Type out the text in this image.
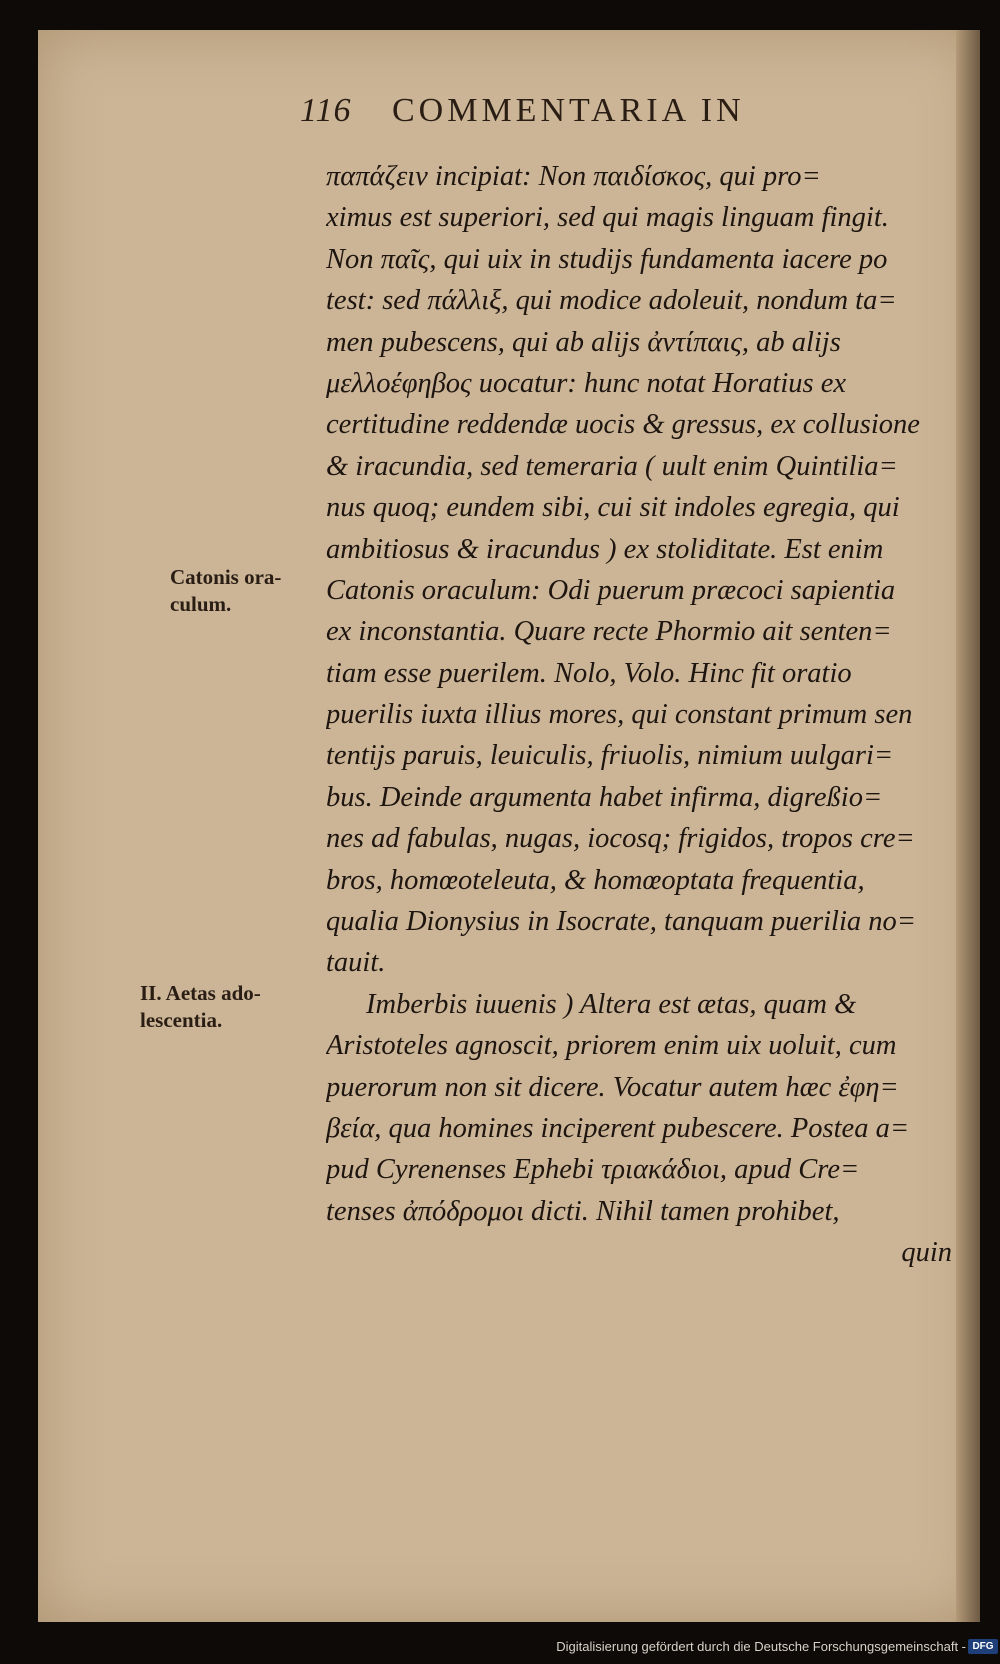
116 COMMENTARIA IN
παπάζειν incipiat: Non παιδίσκος, qui pro=
ximus est superiori, sed qui magis linguam fingit.
Non παῖς, qui uix in studijs fundamenta iacere po
test: sed πάλλιξ, qui modice adoleuit, nondum ta=
men pubescens, qui ab alijs ἀντίπαις, ab alijs
μελλοέφηβος uocatur: hunc notat Horatius ex
certitudine reddendæ uocis & gressus, ex collusione
& iracundia, sed temeraria ( uult enim Quintilia=
nus quoq; eundem sibi, cui sit indoles egregia, qui
ambitiosus & iracundus ) ex stoliditate. Est enim
Catonis oraculum: Odi puerum præcoci sapientia
ex inconstantia. Quare recte Phormio ait senten=
tiam esse puerilem. Nolo, Volo. Hinc fit oratio
puerilis iuxta illius mores, qui constant primum sen
tentijs paruis, leuiculis, friuolis, nimium uulgari=
bus. Deinde argumenta habet infirma, digreßio=
nes ad fabulas, nugas, iocosq; frigidos, tropos cre=
bros, homœoteleuta, & homœoptata frequentia,
qualia Dionysius in Isocrate, tanquam puerilia no=
tauit.
Imberbis iuuenis ) Altera est ætas, quam &
Aristoteles agnoscit, priorem enim uix uoluit, cum
puerorum non sit dicere. Vocatur autem hæc ἐφη=
βεία, qua homines inciperent pubescere. Postea a=
pud Cyrenenses Ephebi τριακάδιοι, apud Cre=
tenses ἀπόδρομοι dicti. Nihil tamen prohibet,
quin
Catonis ora-
culum.
II. Aetas ado-
lescentia.
Digitalisierung gefördert durch die Deutsche Forschungsgemeinschaft - DFG
